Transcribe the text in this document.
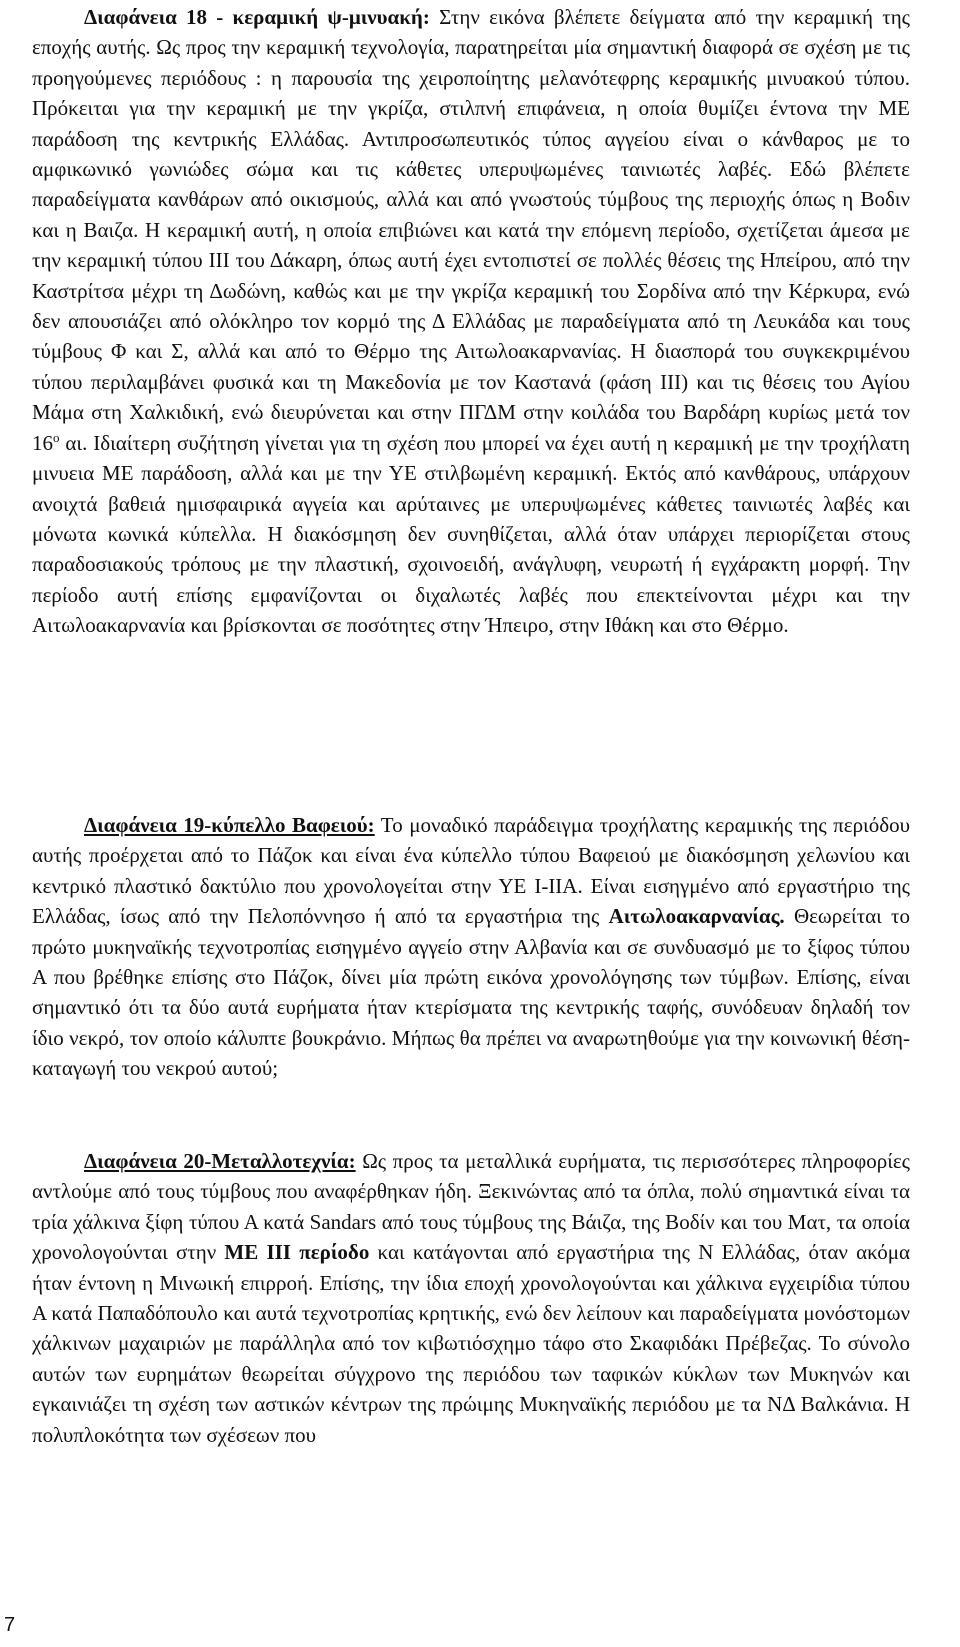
Διαφάνεια 18 - κεραμική ψ-μινυακή: Στην εικόνα βλέπετε δείγματα από την κεραμική της εποχής αυτής. Ως προς την κεραμική τεχνολογία, παρατηρείται μία σημαντική διαφορά σε σχέση με τις προηγούμενες περιόδους : η παρουσία της χειροποίητης μελανότεφρης κεραμικής μινυακού τύπου. Πρόκειται για την κεραμική με την γκρίζα, στιλπνή επιφάνεια, η οποία θυμίζει έντονα την ΜΕ παράδοση της κεντρικής Ελλάδας. Αντιπροσωπευτικός τύπος αγγείου είναι ο κάνθαρος με το αμφικωνικό γωνιώδες σώμα και τις κάθετες υπερυψωμένες ταινιωτές λαβές. Εδώ βλέπετε παραδείγματα κανθάρων από οικισμούς, αλλά και από γνωστούς τύμβους της περιοχής όπως η Βοδιν και η Βαιζα. Η κεραμική αυτή, η οποία επιβιώνει και κατά την επόμενη περίοδο, σχετίζεται άμεσα με την κεραμική τύπου ΙΙΙ του Δάκαρη, όπως αυτή έχει εντοπιστεί σε πολλές θέσεις της Ηπείρου, από την Καστρίτσα μέχρι τη Δωδώνη, καθώς και με την γκρίζα κεραμική του Σορδίνα από την Κέρκυρα, ενώ δεν απουσιάζει από ολόκληρο τον κορμό της Δ Ελλάδας με παραδείγματα από τη Λευκάδα και τους τύμβους Φ και Σ, αλλά και από το Θέρμο της Αιτωλοακαρνανίας. Η διασπορά του συγκεκριμένου τύπου περιλαμβάνει φυσικά και τη Μακεδονία με τον Καστανά (φάση ΙΙΙ) και τις θέσεις του Αγίου Μάμα στη Χαλκιδική, ενώ διευρύνεται και στην ΠΓΔΜ στην κοιλάδα του Βαρδάρη κυρίως μετά τον $16^o$ αι. Ιδιαίτερη συζήτηση γίνεται για τη σχέση που μπορεί να έχει αυτή η κεραμική με την τροχήλατη μινυεια ΜΕ παράδοση, αλλά και με την ΥΕ στιλβωμένη κεραμική. Εκτός από κανθάρους, υπάρχουν ανοιχτά βαθειά ημισφαιρικά αγγεία και αρύταινες με υπερυψωμένες κάθετες ταινιωτές λαβές και μόνωτα κωνικά κύπελλα. Η διακόσμηση δεν συνηθίζεται, αλλά όταν υπάρχει περιορίζεται στους παραδοσιακούς τρόπους με την πλαστική, σχοινοειδή, ανάγλυφη, νευρωτή ή εγχάρακτη μορφή. Την περίοδο αυτή επίσης εμφανίζονται οι διχαλωτές λαβές που επεκτείνονται μέχρι και την Αιτωλοακαρνανία και βρίσκονται σε ποσότητες στην Ήπειρο, στην Ιθάκη και στο Θέρμο.

Διαφάνεια 19-κύπελλο Βαφειού: Το μοναδικό παράδειγμα τροχήλατης κεραμικής της περιόδου αυτής προέρχεται από το Πάζοκ και είναι ένα κύπελλο τύπου Βαφειού με διακόσμηση χελωνίου και κεντρικό πλαστικό δακτύλιο που χρονολογείται στην ΥΕ Ι-ΙΙΑ. Είναι εισηγμένο από εργαστήριο της Ελλάδας, ίσως από την Πελοπόννησο ή από τα εργαστήρια της Αιτωλοακαρνανίας. Θεωρείται το πρώτο μυκηναϊκής τεχνοτροπίας εισηγμένο αγγείο στην Αλβανία και σε συνδυασμό με το ξίφος τύπου Α που βρέθηκε επίσης στο Πάζοκ, δίνει μία πρώτη εικόνα χρονολόγησης των τύμβων. Επίσης, είναι σημαντικό ότι τα δύο αυτά ευρήματα ήταν κτερίσματα της κεντρικής ταφής, συνόδευαν δηλαδή τον ίδιο νεκρό, τον οποίο κάλυπτε βουκράνιο. Μήπως θα πρέπει να αναρωτηθούμε για την κοινωνική θέση-καταγωγή του νεκρού αυτού;

Διαφάνεια 20-Μεταλλοτεχνία: Ως προς τα μεταλλικά ευρήματα, τις περισσότερες πληροφορίες αντλούμε από τους τύμβους που αναφέρθηκαν ήδη. Ξεκινώντας από τα όπλα, πολύ σημαντικά είναι τα τρία χάλκινα ξίφη τύπου Α κατά Sandars από τους τύμβους της Βάιζα, της Βοδίν και του Ματ, τα οποία χρονολογούνται στην ΜΕ ΙΙΙ περίοδο και κατάγονται από εργαστήρια της Ν Ελλάδας, όταν ακόμα ήταν έντονη η Μινωική επιρροή. Επίσης, την ίδια εποχή χρονολογούνται και χάλκινα εγχειρίδια τύπου Α κατά Παπαδόπουλο και αυτά τεχνοτροπίας κρητικής, ενώ δεν λείπουν και παραδείγματα μονόστομων χάλκινων μαχαιριών με παράλληλα από τον κιβωτιόσχημο τάφο στο Σκαφιδάκι Πρέβεζας. Το σύνολο αυτών των ευρημάτων θεωρείται σύγχρονο της περιόδου των ταφικών κύκλων των Μυκηνών και εγκαινιάζει τη σχέση των αστικών κέντρων της πρώιμης Μυκηναϊκής περιόδου με τα ΝΔ Βαλκάνια. Η πολυπλοκότητα των σχέσεων που

7
